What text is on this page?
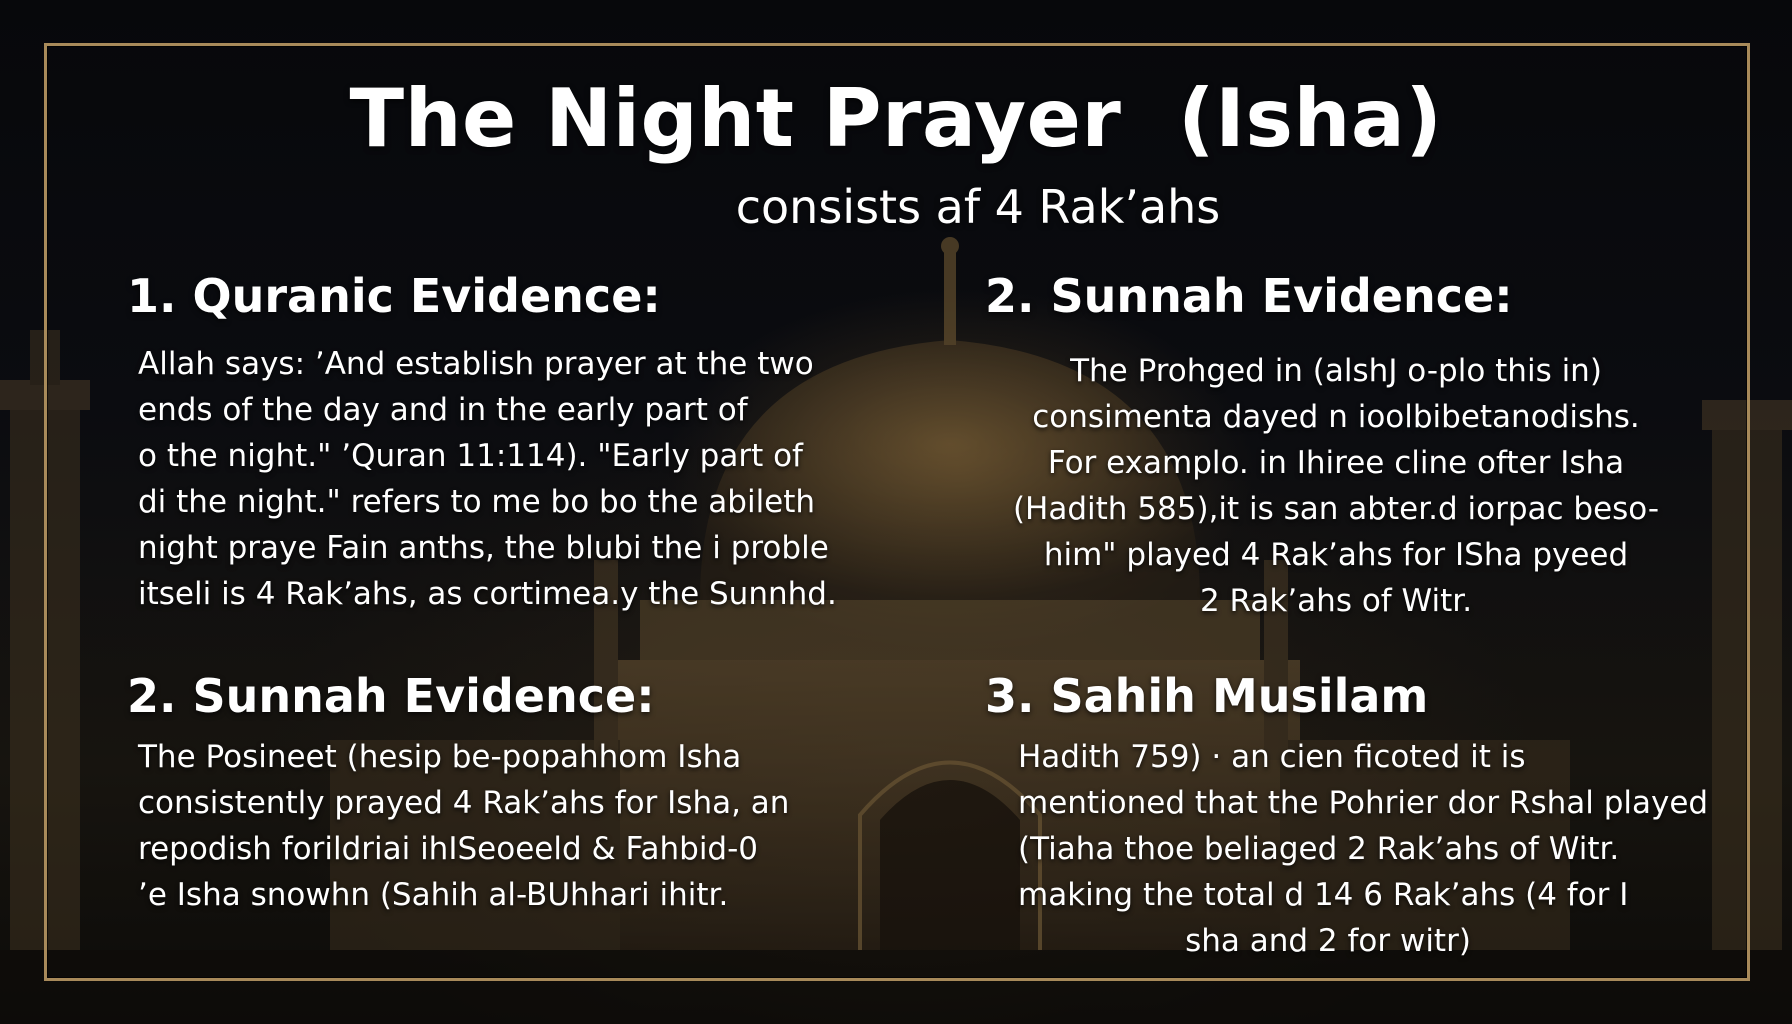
The Night Prayer  (Isha)
consists af 4 Rak’ahs
1. Quranic Evidence:
Allah says: ’And establish prayer at the two
ends of the day and in the early part of
o the night." ’Quran 11:114). "Early part of
di the night." refers to me bo bo the abileth
night praye Fain anths, the blubi the i proble
itseli is 4 Rak’ahs, as cortimea.y the Sunnhd.
2. Sunnah Evidence:
The Prohged in (alshJ o-plo this in)
consimenta dayed n ioolbibetanodishs.
For examplo. in Ihiree cline ofter Isha
(Hadith 585),it is san abter.d iorpac beso-
him" played 4 Rak’ahs for ISha pyeed
2 Rak’ahs of Witr.
2. Sunnah Evidence:
The Posineet (hesip be-popahhom Isha
consistently prayed 4 Rak’ahs for Isha, an
repodish forildriai ihISeoeeld & Fahbid-0
’e Isha snowhn (Sahih al-BUhhari ihitr.
3. Sahih Musilam
Hadith 759) · an cien ficoted it is
mentioned that the Pohrier dor Rshal played
(Tiaha thoe beliaged 2 Rak’ahs of Witr.
making the total d 14 6 Rak’ahs (4 for I
sha and 2 for witr)
